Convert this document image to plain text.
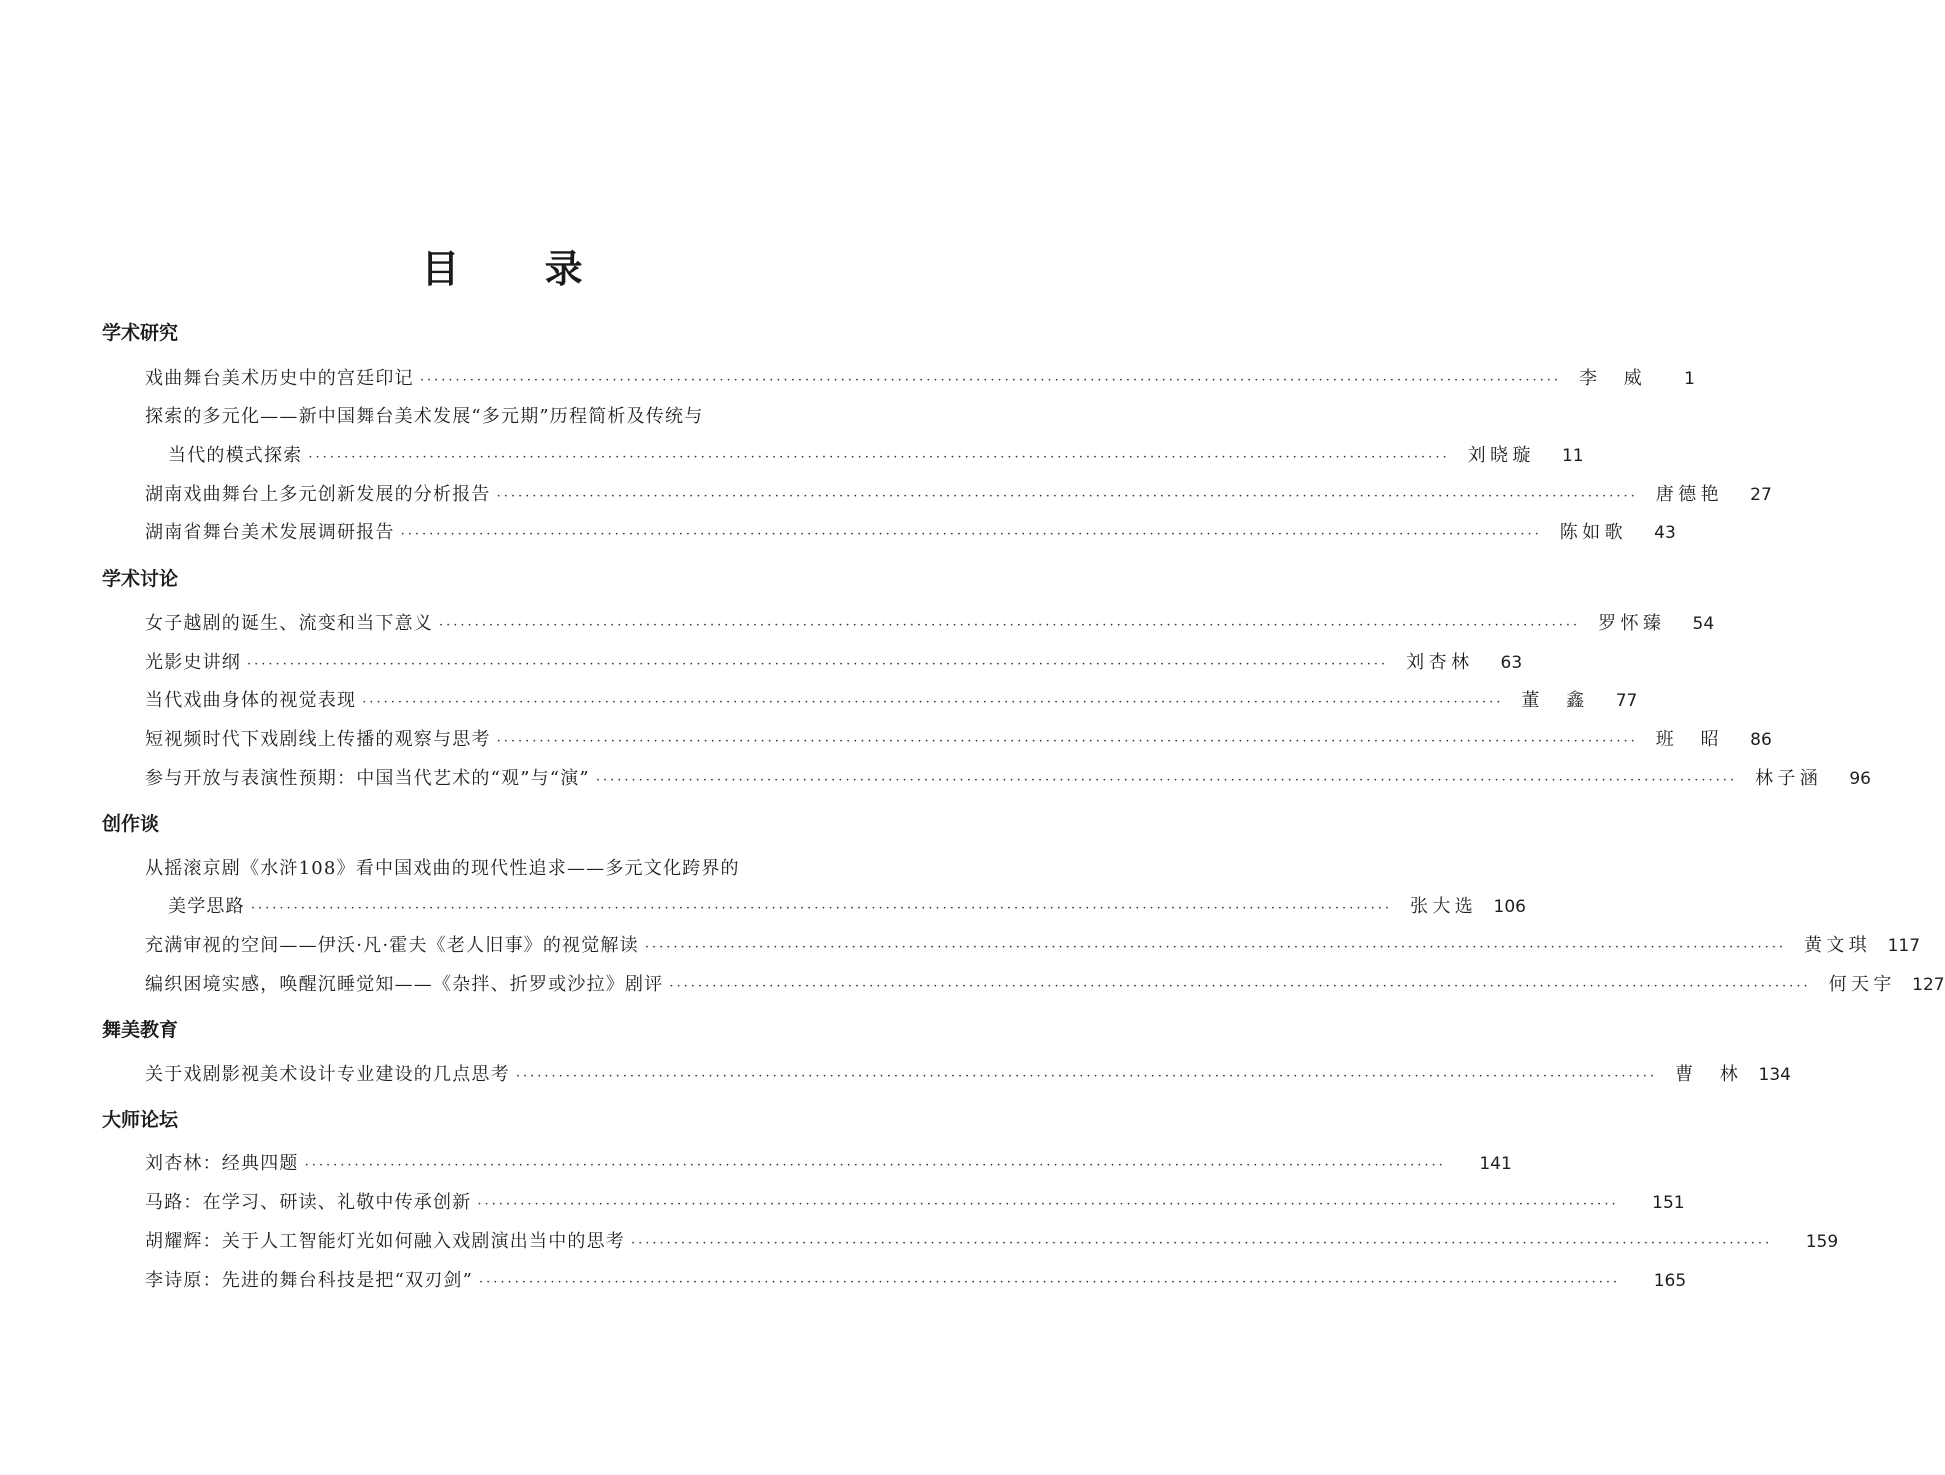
目 录
学术研究
戏曲舞台美术历史中的宫廷印记 ································································································································································ 李　威	1
探索的多元化——新中国舞台美术发展“多元期”历程简析及传统与
当代的模式探索 ································································································································································ 刘晓璇	11
湖南戏曲舞台上多元创新发展的分析报告 ································································································································································ 唐德艳	27
湖南省舞台美术发展调研报告 ································································································································································ 陈如歌	43
学术讨论
女子越剧的诞生、流变和当下意义 ································································································································································ 罗怀臻	54
光影史讲纲 ································································································································································ 刘杏林	63
当代戏曲身体的视觉表现 ································································································································································ 董　鑫	77
短视频时代下戏剧线上传播的观察与思考 ································································································································································ 班　昭	86
参与开放与表演性预期：中国当代艺术的“观”与“演” ································································································································································ 林子涵	96
创作谈
从摇滚京剧《水浒108》看中国戏曲的现代性追求——多元文化跨界的
美学思路 ································································································································································ 张大选	106
充满审视的空间——伊沃·凡·霍夫《老人旧事》的视觉解读 ································································································································································ 黄文琪	117
编织困境实感，唤醒沉睡觉知——《杂拌、折罗或沙拉》剧评 ································································································································································ 何天宇	127
舞美教育
关于戏剧影视美术设计专业建设的几点思考 ································································································································································ 曹　林	134
大师论坛
刘杏林：经典四题 ································································································································································	141
马路：在学习、研读、礼敬中传承创新 ································································································································································	151
胡耀辉：关于人工智能灯光如何融入戏剧演出当中的思考 ································································································································································	159
李诗原：先进的舞台科技是把“双刃剑” ································································································································································	165
